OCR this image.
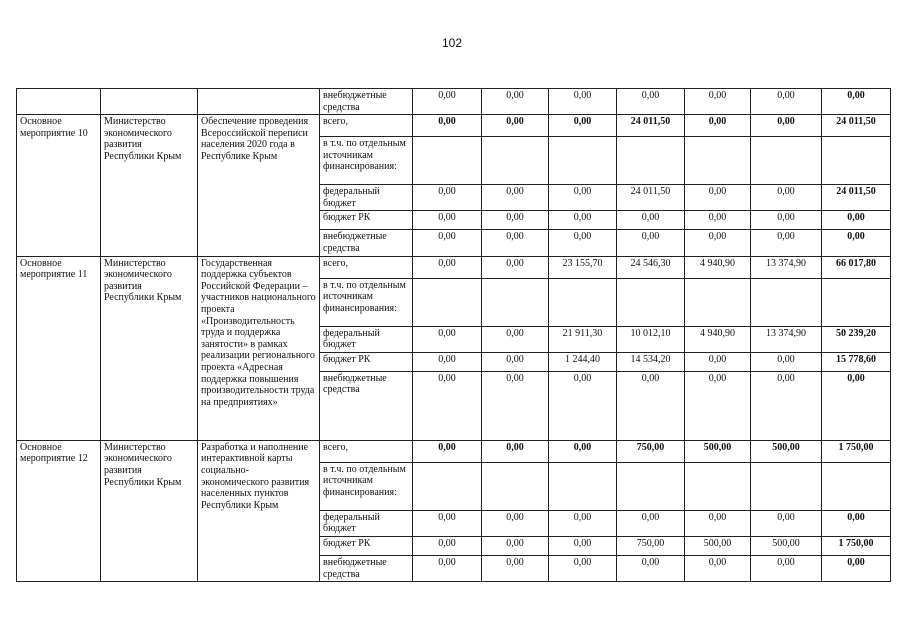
102
			внебюджетные средства	0,00	0,00	0,00	0,00	0,00	0,00	0,00
Основное мероприятие 10	Министерство экономического развития Республики Крым	Обеспечение проведения Всероссийской переписи населения 2020 года в Республике Крым	всего,	0,00	0,00	0,00	24 011,50	0,00	0,00	24 011,50
			в т.ч. по отдельным источникам финансирования:							
			федеральный бюджет	0,00	0,00	0,00	24 011,50	0,00	0,00	24 011,50
			бюджет РК	0,00	0,00	0,00	0,00	0,00	0,00	0,00
			внебюджетные средства	0,00	0,00	0,00	0,00	0,00	0,00	0,00
Основное мероприятие 11	Министерство экономического развития Республики Крым	Государственная поддержка субъектов Российской Федерации – участников национального проекта «Производительность труда и поддержка занятости» в рамках реализации регионального проекта «Адресная поддержка повышения производительности труда на предприятиях»	всего,	0,00	0,00	23 155,70	24 546,30	4 940,90	13 374,90	66 017,80
			в т.ч. по отдельным источникам финансирования:							
			федеральный бюджет	0,00	0,00	21 911,30	10 012,10	4 940,90	13 374,90	50 239,20
			бюджет РК	0,00	0,00	1 244,40	14 534,20	0,00	0,00	15 778,60
			внебюджетные средства	0,00	0,00	0,00	0,00	0,00	0,00	0,00
Основное мероприятие 12	Министерство экономического развития Республики Крым	Разработка и наполнение интерактивной карты социально-экономического развития населенных пунктов Республики Крым	всего,	0,00	0,00	0,00	750,00	500,00	500,00	1 750,00
			в т.ч. по отдельным источникам финансирования:							
			федеральный бюджет	0,00	0,00	0,00	0,00	0,00	0,00	0,00
			бюджет РК	0,00	0,00	0,00	750,00	500,00	500,00	1 750,00
			внебюджетные средства	0,00	0,00	0,00	0,00	0,00	0,00	0,00
